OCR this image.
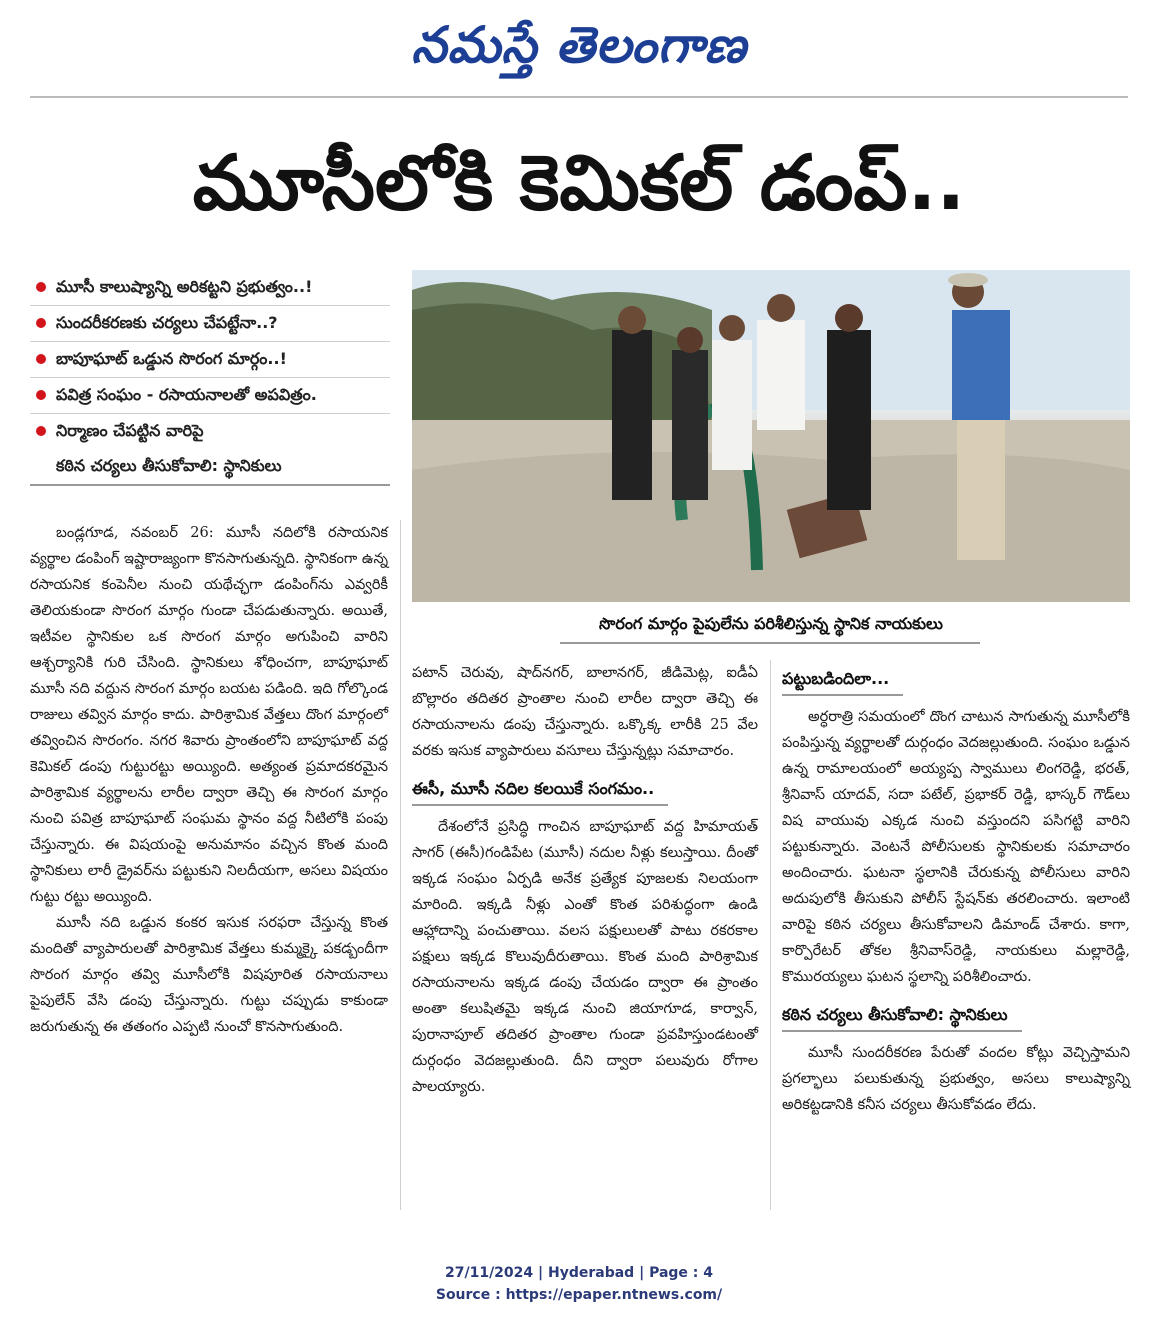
నమస్తే తెలంగాణ
మూసీలోకి కెమికల్ డంప్..
మూసీ కాలుష్యాన్ని అరికట్టని ప్రభుత్వం..!
సుందరీకరణకు చర్యలు చేపట్టేనా..?
బాపూఘాట్ ఒడ్డున సొరంగ మార్గం..!
పవిత్ర సంఘం - రసాయనాలతో అపవిత్రం.
నిర్మాణం చేపట్టిన వారిపై
కఠిన చర్యలు తీసుకోవాలి: స్థానికులు
సొరంగ మార్గం పైపులేను పరిశీలిస్తున్న స్థానిక నాయకులు

బండ్లగూడ, నవంబర్ 26: మూసీ నదిలోకి రసాయనిక వ్యర్థాల డంపింగ్ ఇష్టారాజ్యంగా కొనసాగుతున్నది. స్థానికంగా ఉన్న రసాయనిక కంపెనీల నుంచి యథేచ్ఛగా డంపింగ్‌ను ఎవ్వరికీ తెలియకుండా సొరంగ మార్గం గుండా చేపడుతున్నారు. అయితే, ఇటీవల స్థానికుల ఒక సొరంగ మార్గం అగుపించి వారిని ఆశ్చర్యానికి గురి చేసింది. స్థానికులు శోధించగా, బాపూఘాట్ మూసీ నది వద్దున సొరంగ మార్గం బయట పడింది. ఇది గోల్కొండ రాజులు తవ్విన మార్గం కాదు. పారిశ్రామిక వేత్తలు దొంగ మార్గంలో తవ్వించిన సొరంగం. నగర శివారు ప్రాంతంలోని బాపూఘాట్ వద్ద కెమికల్ డంపు గుట్టురట్టు అయ్యింది. అత్యంత ప్రమాదకరమైన పారిశ్రామిక వ్యర్థాలను లారీల ద్వారా తెచ్చి ఈ సొరంగ మార్గం నుంచి పవిత్ర బాపూఘాట్ సంఘమ స్థానం వద్ద నీటిలోకి పంపు చేస్తున్నారు. ఈ విషయంపై అనుమానం వచ్చిన కొంత మంది స్థానికులు లారీ డ్రైవర్‌ను పట్టుకుని నిలదీయగా, అసలు విషయం గుట్టు రట్టు అయ్యింది.

మూసీ నది ఒడ్డున కంకర ఇసుక సరఫరా చేస్తున్న కొంత మందితో వ్యాపారులతో పారిశ్రామిక వేత్తలు కుమ్మక్కై పకడ్బందీగా సొరంగ మార్గం తవ్వి మూసీలోకి విషపూరిత రసాయనాలు పైపులేన్ వేసి డంపు చేస్తున్నారు. గుట్టు చప్పుడు కాకుండా జరుగుతున్న ఈ తతంగం ఎప్పటి నుంచో కొనసాగుతుంది.

పటాన్ చెరువు, షాద్‌నగర్, బాలానగర్, జీడిమెట్ల, ఐడీఏ బొల్లారం తదితర ప్రాంతాల నుంచి లారీల ద్వారా తెచ్చి ఈ రసాయనాలను డంపు చేస్తున్నారు. ఒక్కొక్క లారీకి 25 వేల వరకు ఇసుక వ్యాపారులు వసూలు చేస్తున్నట్లు సమాచారం.

ఈసీ, మూసీ నదిల కలయికే సంగమం..

దేశంలోనే ప్రసిద్ధి గాంచిన బాపూఘాట్ వద్ద హిమాయత్ సాగర్ (ఈసీ)గండిపేట (మూసీ) నదుల నీళ్లు కలుస్తాయి. దీంతో ఇక్కడ సంఘం ఏర్పడి అనేక ప్రత్యేక పూజలకు నిలయంగా మారింది. ఇక్కడి నీళ్లు ఎంతో కొంత పరిశుద్ధంగా ఉండి ఆహ్లాదాన్ని పంచుతాయి. వలస పక్షులులతో పాటు రకరకాల పక్షులు ఇక్కడ కొలువుదీరుతాయి. కొంత మంది పారిశ్రామిక రసాయనాలను ఇక్కడ డంపు చేయడం ద్వారా ఈ ప్రాంతం అంతా కలుషితమై ఇక్కడ నుంచి జియాగూడ, కార్వాన్, పురానాపూల్ తదితర ప్రాంతాల గుండా ప్రవహిస్తుండటంతో దుర్గంధం వెదజల్లుతుంది. దీని ద్వారా పలువురు రోగాల పాలయ్యారు.

పట్టుబడిందిలా...

అర్ధరాత్రి సమయంలో దొంగ చాటున సాగుతున్న మూసీలోకి పంపిస్తున్న వ్యర్థాలతో దుర్గంధం వెదజల్లుతుంది. సంఘం ఒడ్డున ఉన్న రామాలయంలో అయ్యప్ప స్వాములు లింగరెడ్డి, భరత్, శ్రీనివాస్ యాదవ్, సదా పటేల్, ప్రభాకర్ రెడ్డి, భాస్కర్ గౌడ్‌లు విష వాయువు ఎక్కడ నుంచి వస్తుందని పసిగట్టి వారిని పట్టుకున్నారు. వెంటనే పోలీసులకు స్థానికులకు సమాచారం అందించారు. ఘటనా స్థలానికి చేరుకున్న పోలీసులు వారిని అదుపులోకి తీసుకుని పోలీస్ స్టేషన్‌కు తరలించారు. ఇలాంటి వారిపై కఠిన చర్యలు తీసుకోవాలని డిమాండ్ చేశారు. కాగా, కార్పొరేటర్ తోకల శ్రీనివాస్‌రెడ్డి, నాయకులు మల్లారెడ్డి, కొమురయ్యలు ఘటన స్థలాన్ని పరిశీలించారు.

కఠిన చర్యలు తీసుకోవాలి: స్థానికులు

మూసీ సుందరీకరణ పేరుతో వందల కోట్లు వెచ్చిస్తామని ప్రగల్భాలు పలుకుతున్న ప్రభుత్వం, అసలు కాలుష్యాన్ని అరికట్టడానికి కనీస చర్యలు తీసుకోవడం లేదు.

27/11/2024 | Hyderabad | Page : 4
Source : https://epaper.ntnews.com/
